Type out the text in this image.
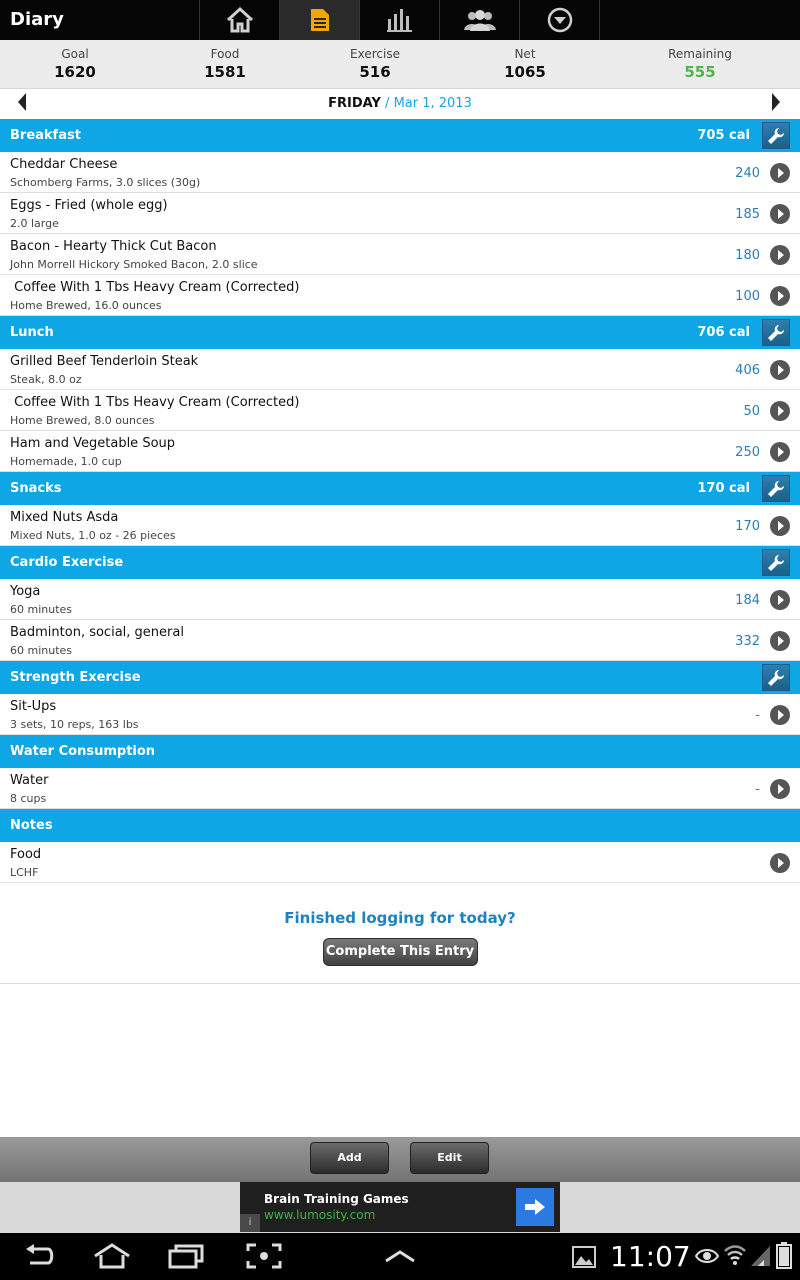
Diary
Goal
1620
Food
1581
Exercise
516
Net
1065
Remaining
555
FRIDAY / Mar 1, 2013
Breakfast	705 cal
Cheddar Cheese
Schomberg Farms, 3.0 slices (30g)
240
Eggs - Fried (whole egg)
2.0 large
185
Bacon - Hearty Thick Cut Bacon
John Morrell Hickory Smoked Bacon, 2.0 slice
180
Coffee With 1 Tbs Heavy Cream (Corrected)
Home Brewed, 16.0 ounces
100
Lunch	706 cal
Grilled Beef Tenderloin Steak
Steak, 8.0 oz
406
Coffee With 1 Tbs Heavy Cream (Corrected)
Home Brewed, 8.0 ounces
50
Ham and Vegetable Soup
Homemade, 1.0 cup
250
Snacks	170 cal
Mixed Nuts Asda
Mixed Nuts, 1.0 oz - 26 pieces
170
Cardio Exercise
Yoga
60 minutes
184
Badminton, social, general
60 minutes
332
Strength Exercise
Sit-Ups
3 sets, 10 reps, 163 lbs
-
Water Consumption
Water
8 cups
-
Notes
Food
LCHF
Finished logging for today?
Complete This Entry
Add	Edit
Brain Training Games
www.lumosity.com
i
11:07
